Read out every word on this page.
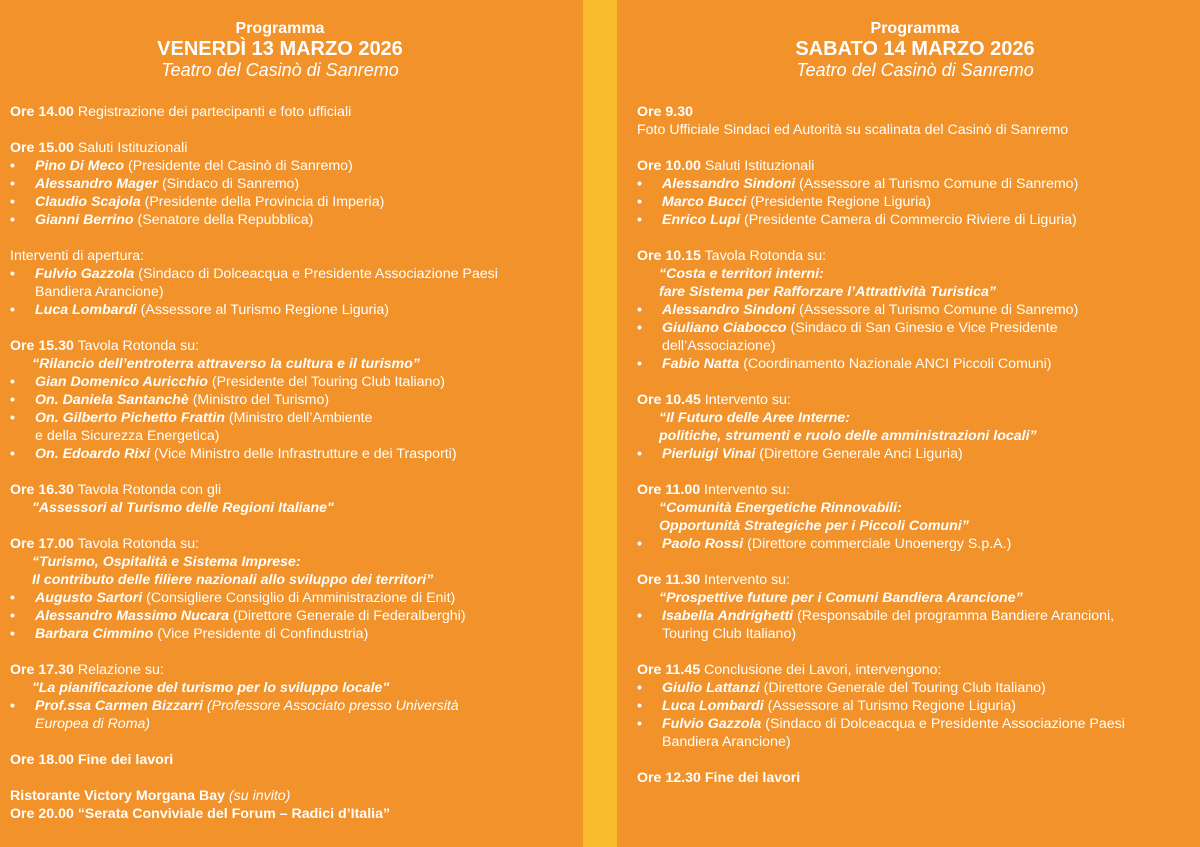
Programma
VENERDÌ 13 MARZO 2026
Teatro del Casinò di Sanremo
Ore 14.00 Registrazione dei partecipanti e foto ufficiali
Ore 15.00 Saluti Istituzionali
• Pino Di Meco (Presidente del Casinò di Sanremo)
• Alessandro Mager (Sindaco di Sanremo)
• Claudio Scajola (Presidente della Provincia di Imperia)
• Gianni Berrino (Senatore della Repubblica)
Interventi di apertura:
• Fulvio Gazzola (Sindaco di Dolceacqua e Presidente Associazione Paesi
Bandiera Arancione)
• Luca Lombardi (Assessore al Turismo Regione Liguria)
Ore 15.30 Tavola Rotonda su:
“Rilancio dell’entroterra attraverso la cultura e il turismo”
• Gian Domenico Auricchio (Presidente del Touring Club Italiano)
• On. Daniela Santanchè (Ministro del Turismo)
• On. Gilberto Pichetto Frattin (Ministro dell’Ambiente
e della Sicurezza Energetica)
• On. Edoardo Rixi (Vice Ministro delle Infrastrutture e dei Trasporti)
Ore 16.30 Tavola Rotonda con gli
"Assessori al Turismo delle Regioni Italiane"
Ore 17.00 Tavola Rotonda su:
“Turismo, Ospitalità e Sistema Imprese:
Il contributo delle filiere nazionali allo sviluppo dei territori”
• Augusto Sartori (Consigliere Consiglio di Amministrazione di Enit)
• Alessandro Massimo Nucara (Direttore Generale di Federalberghi)
• Barbara Cimmino (Vice Presidente di Confindustria)
Ore 17.30 Relazione su:
"La pianificazione del turismo per lo sviluppo locale"
• Prof.ssa Carmen Bizzarri (Professore Associato presso Università
Europea di Roma)
Ore 18.00 Fine dei lavori
Ristorante Victory Morgana Bay (su invito)
Ore 20.00 “Serata Conviviale del Forum – Radici d’Italia”
Programma
SABATO 14 MARZO 2026
Teatro del Casinò di Sanremo
Ore 9.30
Foto Ufficiale Sindaci ed Autorità su scalinata del Casinò di Sanremo
Ore 10.00 Saluti Istituzionali
• Alessandro Sindoni (Assessore al Turismo Comune di Sanremo)
• Marco Bucci (Presidente Regione Liguria)
• Enrico Lupi (Presidente Camera di Commercio Riviere di Liguria)
Ore 10.15 Tavola Rotonda su:
“Costa e territori interni:
fare Sistema per Rafforzare l’Attrattività Turistica”
• Alessandro Sindoni (Assessore al Turismo Comune di Sanremo)
• Giuliano Ciabocco (Sindaco di San Ginesio e Vice Presidente
dell’Associazione)
• Fabio Natta (Coordinamento Nazionale ANCI Piccoli Comuni)
Ore 10.45 Intervento su:
“Il Futuro delle Aree Interne:
politiche, strumenti e ruolo delle amministrazioni locali”
• Pierluigi Vinai (Direttore Generale Anci Liguria)
Ore 11.00 Intervento su:
“Comunità Energetiche Rinnovabili:
Opportunità Strategiche per i Piccoli Comuni”
• Paolo Rossi (Direttore commerciale Unoenergy S.p.A.)
Ore 11.30 Intervento su:
“Prospettive future per i Comuni Bandiera Arancione”
• Isabella Andrighetti (Responsabile del programma Bandiere Arancioni,
Touring Club Italiano)
Ore 11.45 Conclusione dei Lavori, intervengono:
• Giulio Lattanzi (Direttore Generale del Touring Club Italiano)
• Luca Lombardi (Assessore al Turismo Regione Liguria)
• Fulvio Gazzola (Sindaco di Dolceacqua e Presidente Associazione Paesi
Bandiera Arancione)
Ore 12.30 Fine dei lavori
